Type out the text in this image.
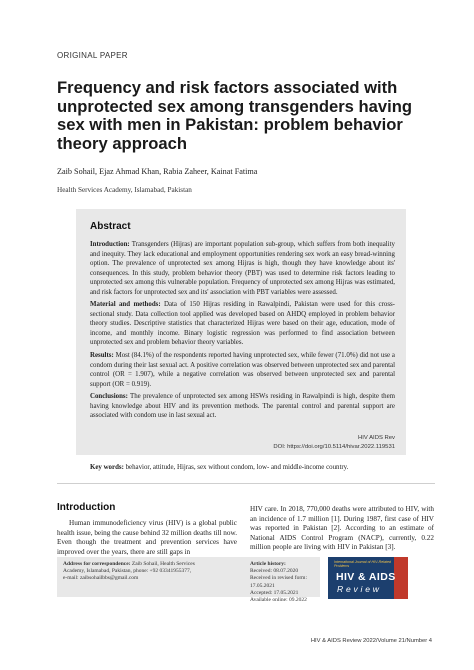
ORIGINAL PAPER
Frequency and risk factors associated with unprotected sex among transgenders having sex with men in Pakistan: problem behavior theory approach
Zaib Sohail, Ejaz Ahmad Khan, Rabia Zaheer, Kainat Fatima
Health Services Academy, Islamabad, Pakistan
Abstract

Introduction: Transgenders (Hijras) are important population sub-group, which suffers from both inequality and inequity. They lack educational and employment opportunities rendering sex work an easy bread-winning option. The prevalence of unprotected sex among Hijras is high, though they have knowledge about its' consequences. In this study, problem behavior theory (PBT) was used to determine risk factors leading to unprotected sex among this vulnerable population. Frequency of unprotected sex among Hijras was estimated, and risk factors for unprotected sex and its' association with PBT variables were assessed.

Material and methods: Data of 150 Hijras residing in Rawalpindi, Pakistan were used for this cross-sectional study. Data collection tool applied was developed based on AHDQ employed in problem behavior theory studies. Descriptive statistics that characterized Hijras were based on their age, education, mode of income, and monthly income. Binary logistic regression was performed to find association between unprotected sex and problem behavior theory variables.

Results: Most (84.1%) of the respondents reported having unprotected sex, while fewer (71.0%) did not use a condom during their last sexual act. A positive correlation was observed between unprotected sex and parental control (OR = 1.907), while a negative correlation was observed between unprotected sex and parental support (OR = 0.919).

Conclusions: The prevalence of unprotected sex among HSWs residing in Rawalpindi is high, despite them having knowledge about HIV and its prevention methods. The parental control and parental support are associated with condom use in last sexual act.

HIV AIDS Rev
DOI: https://doi.org/10.5114/hivar.2022.119531
Key words: behavior, attitude, Hijras, sex without condom, low- and middle-income country.
Introduction
Human immunodeficiency virus (HIV) is a global public health issue, being the cause behind 32 million deaths till now. Even though the treatment and prevention services have improved over the years, there are still gaps in
HIV care. In 2018, 770,000 deaths were attributed to HIV, with an incidence of 1.7 million [1]. During 1987, first case of HIV was reported in Pakistan [2]. According to an estimate of National AIDS Control Program (NACP), currently, 0.22 million people are living with HIV in Pakistan [3].
Address for correspondence: Zaib Sohail, Health Services
Academy, Islamabad, Pakistan, phone: +92 03341955377,
e-mail: zaibsohailbbs@gmail.com
Article history:
Received: 08.07.2020
Received in revised form: 17.05.2021
Accepted: 17.05.2021
Available online: 09.2022
International Journal of HIV-Related Problems
HIV & AIDS
Review
HIV & AIDS Review 2022/Volume 21/Number 4
